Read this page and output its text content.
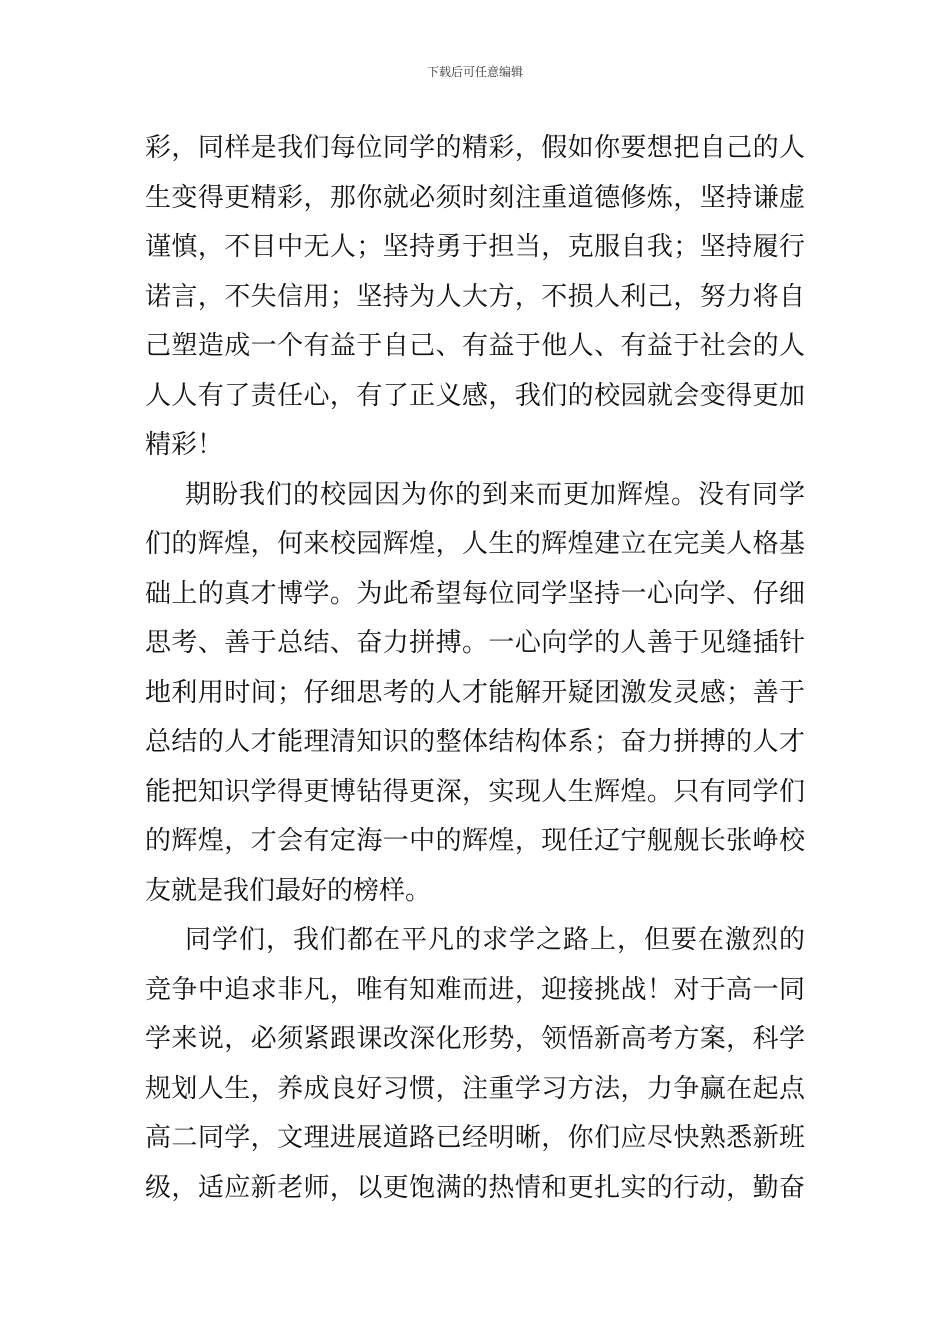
下载后可任意编辑
彩，同样是我们每位同学的精彩，假如你要想把自己的人
生变得更精彩，那你就必须时刻注重道德修炼，坚持谦虚
谨慎，不目中无人；坚持勇于担当，克服自我；坚持履行
诺言，不失信用；坚持为人大方，不损人利己，努力将自
己塑造成一个有益于自己、有益于他人、有益于社会的人
人人有了责任心，有了正义感，我们的校园就会变得更加
精彩！
期盼我们的校园因为你的到来而更加辉煌。没有同学
们的辉煌，何来校园辉煌，人生的辉煌建立在完美人格基
础上的真才博学。为此希望每位同学坚持一心向学、仔细
思考、善于总结、奋力拼搏。一心向学的人善于见缝插针
地利用时间；仔细思考的人才能解开疑团激发灵感；善于
总结的人才能理清知识的整体结构体系；奋力拼搏的人才
能把知识学得更博钻得更深，实现人生辉煌。只有同学们
的辉煌，才会有定海一中的辉煌，现任辽宁舰舰长张峥校
友就是我们最好的榜样。
同学们，我们都在平凡的求学之路上，但要在激烈的
竞争中追求非凡，唯有知难而进，迎接挑战！对于高一同
学来说，必须紧跟课改深化形势，领悟新高考方案，科学
规划人生，养成良好习惯，注重学习方法，力争赢在起点
高二同学，文理进展道路已经明晰，你们应尽快熟悉新班
级，适应新老师，以更饱满的热情和更扎实的行动，勤奋
